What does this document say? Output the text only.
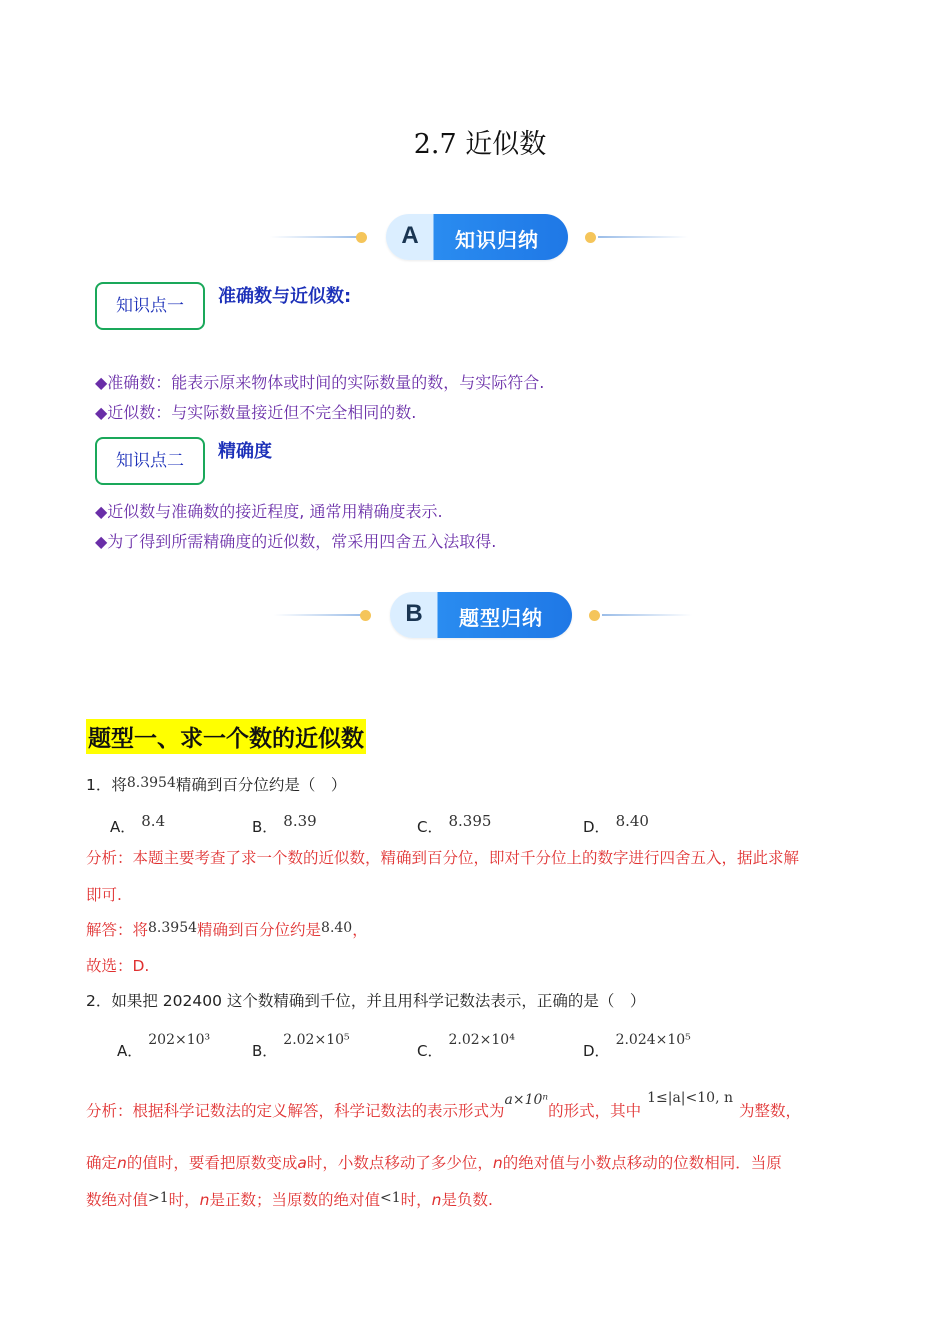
2.7 近似数
A	知识归纳
知识点一	准确数与近似数:
◆准确数：能表示原来物体或时间的实际数量的数，与实际符合.
◆近似数：与实际数量接近但不完全相同的数.
知识点二	精确度
◆近似数与准确数的接近程度, 通常用精确度表示.
◆为了得到所需精确度的近似数，常采用四舍五入法取得.
B	题型归纳
题型一、求一个数的近似数
1．将8.3954精确到百分位约是（　）
A． 8.4	B． 8.39	C． 8.395	D． 8.40
分析：本题主要考查了求一个数的近似数，精确到百分位，即对千分位上的数字进行四舍五入，据此求解
即可.
解答：将8.3954精确到百分位约是8.40，
故选：D.
2．如果把 202400 这个数精确到千位，并且用科学记数法表示，正确的是（　）
A．202×10³
B．2.02×10⁵
C．2.02×10⁴
D．2.024×10⁵
分析：根据科学记数法的定义解答，科学记数法的表示形式为a×10ⁿ的形式，其中1≤|a|<10, n为整数，
确定n的值时，要看把原数变成a时，小数点移动了多少位，n的绝对值与小数点移动的位数相同．当原
数绝对值>1时，n是正数；当原数的绝对值<1时，n是负数.
